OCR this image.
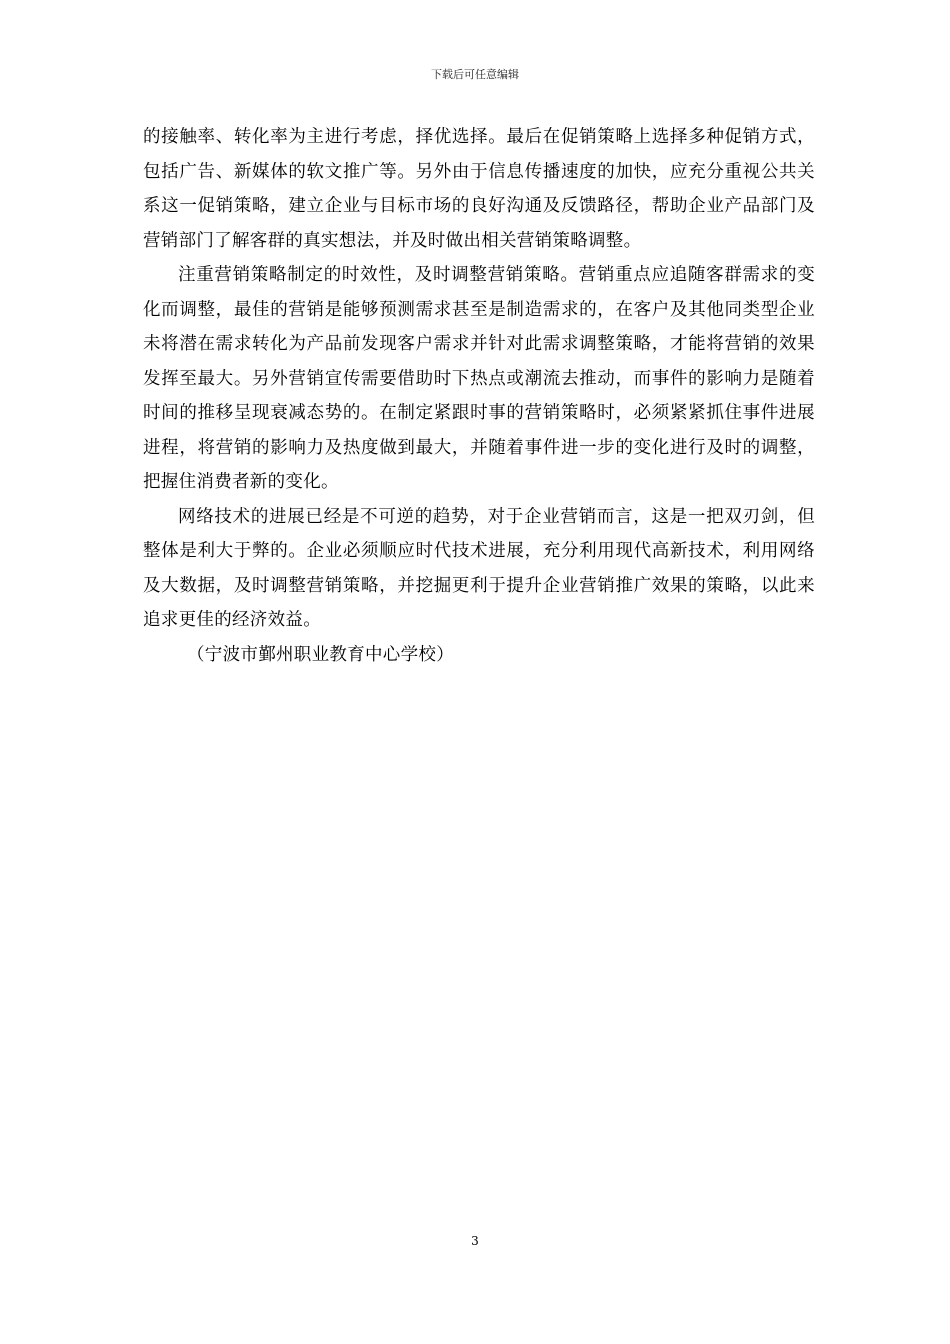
下载后可任意编辑

的接触率、转化率为主进行考虑，择优选择。最后在促销策略上选择多种促销方式，包括广告、新媒体的软文推广等。另外由于信息传播速度的加快，应充分重视公共关系这一促销策略，建立企业与目标市场的良好沟通及反馈路径，帮助企业产品部门及营销部门了解客群的真实想法，并及时做出相关营销策略调整。

注重营销策略制定的时效性，及时调整营销策略。营销重点应追随客群需求的变化而调整，最佳的营销是能够预测需求甚至是制造需求的，在客户及其他同类型企业未将潜在需求转化为产品前发现客户需求并针对此需求调整策略，才能将营销的效果发挥至最大。另外营销宣传需要借助时下热点或潮流去推动，而事件的影响力是随着时间的推移呈现衰减态势的。在制定紧跟时事的营销策略时，必须紧紧抓住事件进展进程，将营销的影响力及热度做到最大，并随着事件进一步的变化进行及时的调整，把握住消费者新的变化。

网络技术的进展已经是不可逆的趋势，对于企业营销而言，这是一把双刃剑，但整体是利大于弊的。企业必须顺应时代技术进展，充分利用现代高新技术，利用网络及大数据，及时调整营销策略，并挖掘更利于提升企业营销推广效果的策略，以此来追求更佳的经济效益。

（宁波市鄞州职业教育中心学校）

3
